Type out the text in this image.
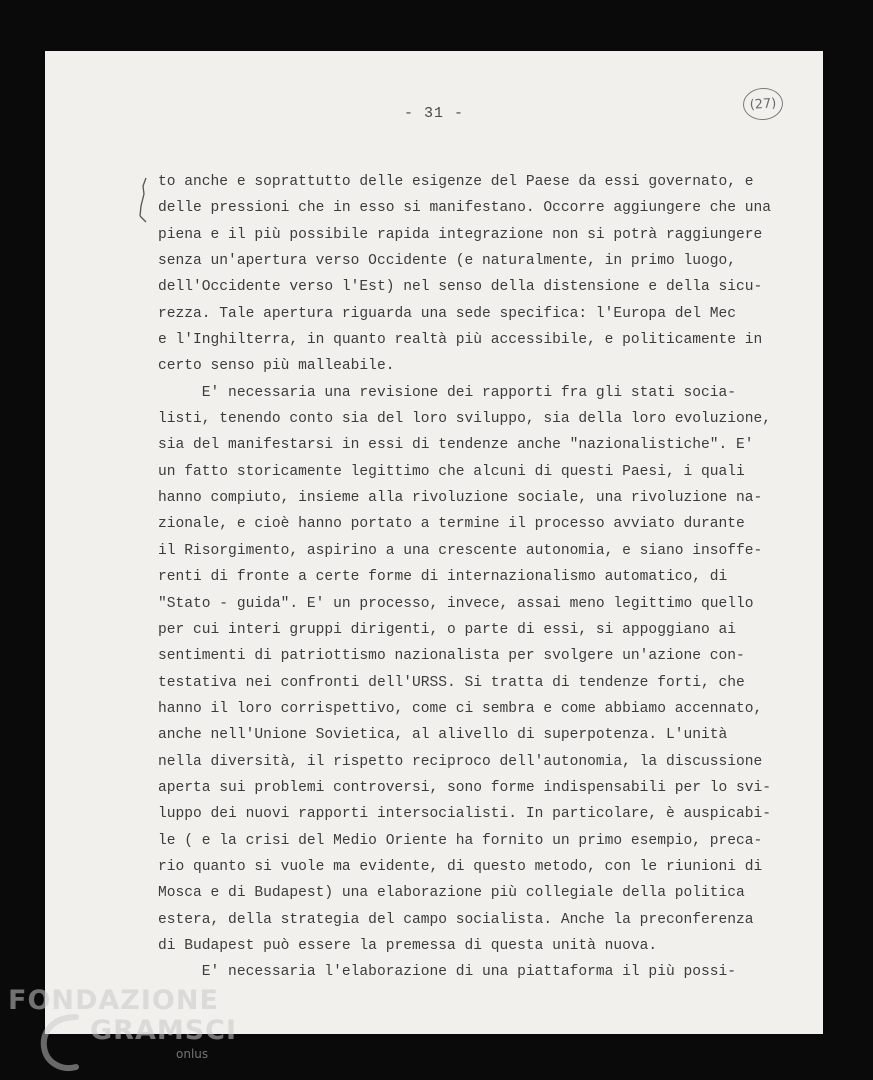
- 31 -
(27)
to anche e soprattutto delle esigenze del Paese da essi governato, e
delle pressioni che in esso si manifestano. Occorre aggiungere che una
piena e il più possibile rapida integrazione non si potrà raggiungere
senza un'apertura verso Occidente (e naturalmente, in primo luogo,
dell'Occidente verso l'Est) nel senso della distensione e della sicu-
rezza. Tale apertura riguarda una sede specifica: l'Europa del Mec
e l'Inghilterra, in quanto realtà più accessibile, e politicamente in
certo senso più malleabile.
E' necessaria una revisione dei rapporti fra gli stati socia-
listi, tenendo conto sia del loro sviluppo, sia della loro evoluzione,
sia del manifestarsi in essi di tendenze anche "nazionalistiche". E'
un fatto storicamente legittimo che alcuni di questi Paesi, i quali
hanno compiuto, insieme alla rivoluzione sociale, una rivoluzione na-
zionale, e cioè hanno portato a termine il processo avviato durante
il Risorgimento, aspirino a una crescente autonomia, e siano insoffe-
renti di fronte a certe forme di internazionalismo automatico, di
"Stato - guida". E' un processo, invece, assai meno legittimo quello
per cui interi gruppi dirigenti, o parte di essi, si appoggiano ai
sentimenti di patriottismo nazionalista per svolgere un'azione con-
testativa nei confronti dell'URSS. Si tratta di tendenze forti, che
hanno il loro corrispettivo, come ci sembra e come abbiamo accennato,
anche nell'Unione Sovietica, al alivello di superpotenza. L'unità
nella diversità, il rispetto reciproco dell'autonomia, la discussione
aperta sui problemi controversi, sono forme indispensabili per lo svi-
luppo dei nuovi rapporti intersocialisti. In particolare, è auspicabi-
le ( e la crisi del Medio Oriente ha fornito un primo esempio, preca-
rio quanto si vuole ma evidente, di questo metodo, con le riunioni di
Mosca e di Budapest) una elaborazione più collegiale della politica
estera, della strategia del campo socialista. Anche la preconferenza
di Budapest può essere la premessa di questa unità nuova.
E' necessaria l'elaborazione di una piattaforma il più possi-
FONDAZIONE
GRAMSCI
onlus
